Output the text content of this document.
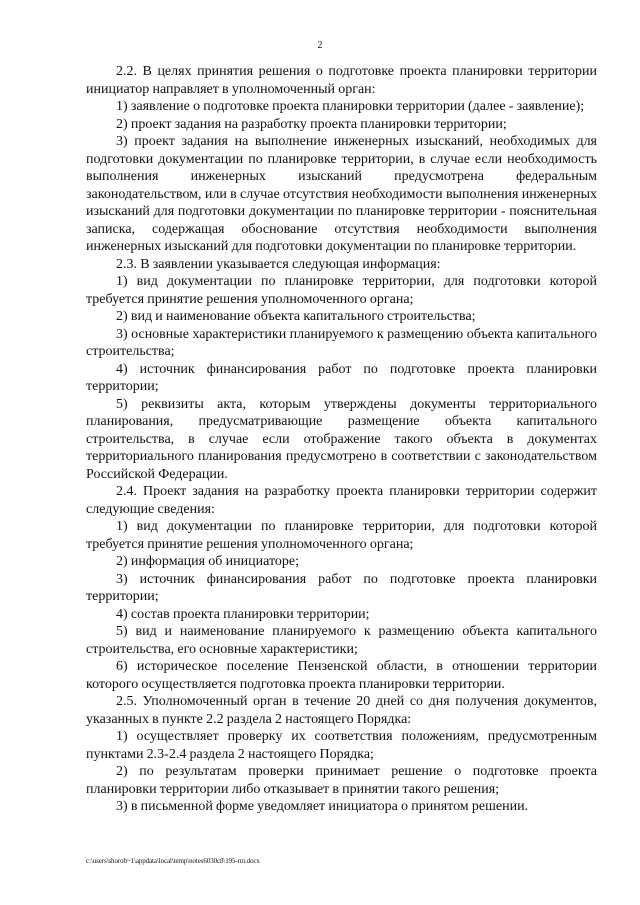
2

2.2. В целях принятия решения о подготовке проекта планировки территории инициатор направляет в уполномоченный орган:

1) заявление о подготовке проекта планировки территории (далее - заявление);

2) проект задания на разработку проекта планировки территории;

3) проект задания на выполнение инженерных изысканий, необходимых для подготовки документации по планировке территории, в случае если необходимость выполнения инженерных изысканий предусмотрена федеральным законодательством, или в случае отсутствия необходимости выполнения инженерных изысканий для подготовки документации по планировке территории - пояснительная записка, содержащая обоснование отсутствия необходимости выполнения инженерных изысканий для подготовки документации по планировке территории.

2.3. В заявлении указывается следующая информация:

1) вид документации по планировке территории, для подготовки которой требуется принятие решения уполномоченного органа;

2) вид и наименование объекта капитального строительства;

3) основные характеристики планируемого к размещению объекта капитального строительства;

4) источник финансирования работ по подготовке проекта планировки территории;

5) реквизиты акта, которым утверждены документы территориального планирования, предусматривающие размещение объекта капитального строительства, в случае если отображение такого объекта в документах территориального планирования предусмотрено в соответствии с законодательством Российской Федерации.

2.4. Проект задания на разработку проекта планировки территории содержит следующие сведения:

1) вид документации по планировке территории, для подготовки которой требуется принятие решения уполномоченного органа;

2) информация об инициаторе;

3) источник финансирования работ по подготовке проекта планировки территории;

4) состав проекта планировки территории;

5) вид и наименование планируемого к размещению объекта капитального строительства, его основные характеристики;

6) историческое поселение Пензенской области, в отношении территории которого осуществляется подготовка проекта планировки территории.

2.5. Уполномоченный орган в течение 20 дней со дня получения документов, указанных в пункте 2.2 раздела 2 настоящего Порядка:

1) осуществляет проверку их соответствия положениям, предусмотренным пунктами 2.3-2.4 раздела 2 настоящего Порядка;

2) по результатам проверки принимает решение о подготовке проекта планировки территории либо отказывает в принятии такого решения;

3) в письменной форме уведомляет инициатора о принятом решении.

c:\users\shorob~1\appdata\local\temp\notes6030c8\195-пп.docx
